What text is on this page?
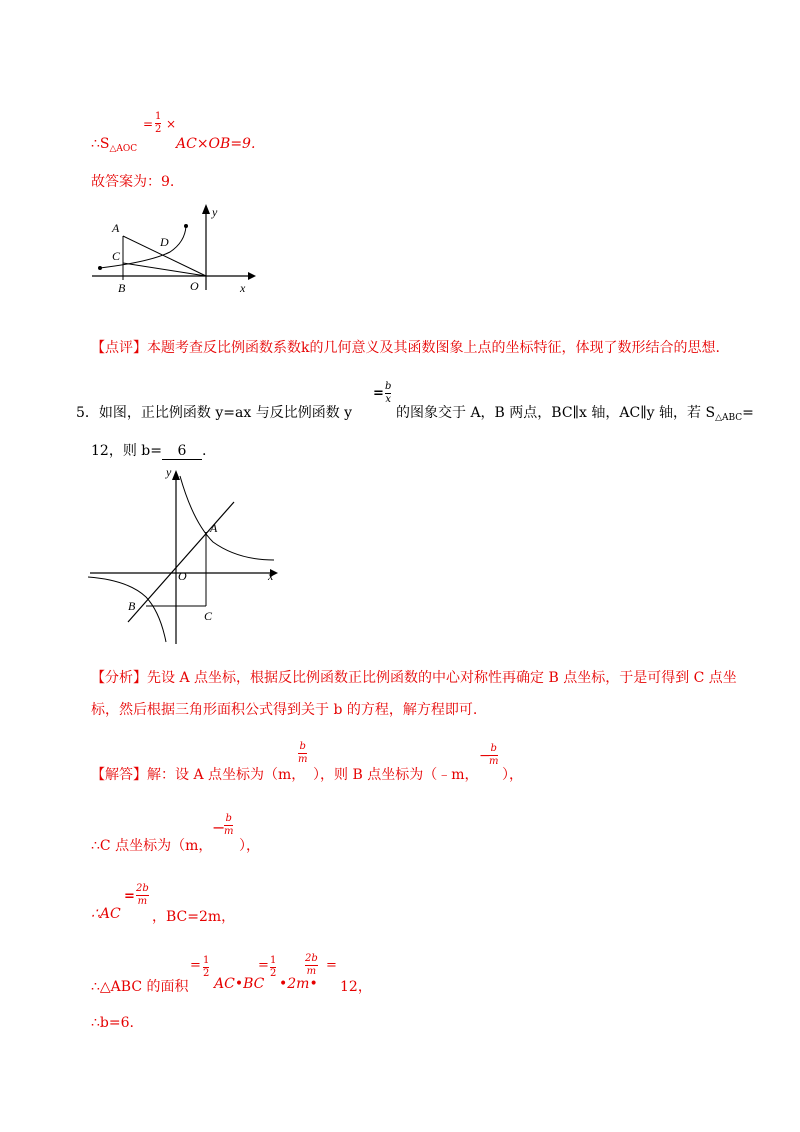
$\therefore S_{\triangle AOC}$
=
1
2 ×
AC×OB=9.
故答案为：9.
A
C
D
B	O	x
y
【点评】本题考查反比例函数系数k的几何意义及其函数图象上点的坐标特征，体现了数形结合的思想.
5．如图，正比例函数 y=ax 与反比例函数 y
= b
x
的图象交于 A，B 两点，BC∥x 轴，AC∥y 轴，若 $S_{\triangle ABC}=$
12，则 b= 6 .
y
A
O	x
B
C
【分析】先设 A 点坐标，根据反比例函数正比例函数的中心对称性再确定 B 点坐标，于是可得到 C 点坐
标，然后根据三角形面积公式得到关于 b 的方程，解方程即可.
【解答】解：设 A 点坐标为（m，
b
m
），则 B 点坐标为（﹣m，
− b
m
），
∴C 点坐标为（m，
− b
m
），
∴AC
=
2b
m
，BC=2m，
∴△ABC 的面积
= 1
2
AC•BC
= 1
2
•2m•
2b
m =
12，
∴b=6.
